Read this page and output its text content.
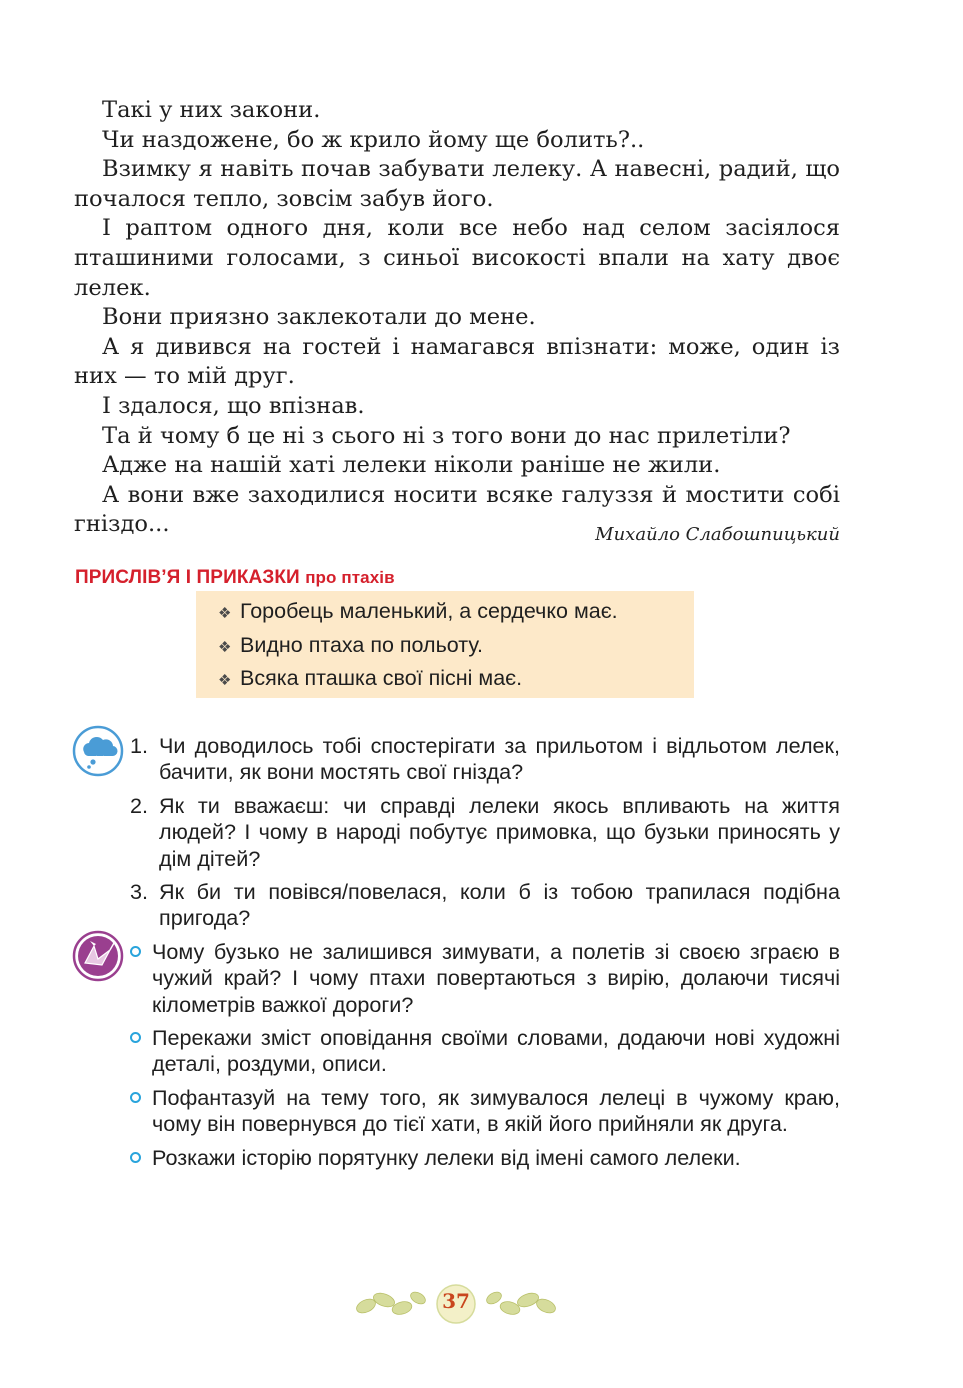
Такі у них закони.

Чи наздожене, бо ж крило йому ще болить?..

Взимку я навіть почав забувати лелеку. А навесні, радий, що почалося тепло, зовсім забув його.

І раптом одного дня, коли все небо над селом засіялося пташиними голосами, з синьої високості впали на хату двоє лелек.

Вони приязно заклекотали до мене.

А я дивився на гостей і намагався впізнати: може, один із них — то мій друг.

І здалося, що впізнав.

Та й чому б це ні з сього ні з того вони до нас прилетіли?

Адже на нашій хаті лелеки ніколи раніше не жили.

А вони вже заходилися носити всяке галуззя й мостити собі гніздо...	Михайло Слабошпицький
ПРИСЛІВ’Я І ПРИКАЗКИ про птахів
❖ Горобець маленький, а сердечко має.
❖ Видно птаха по польоту.
❖ Всяка пташка свої пісні має.
1. Чи доводилось тобі спостерігати за прильотом і відльотом лелек, бачити, як вони мостять свої гнізда?
2. Як ти вважаєш: чи справді лелеки якось впливають на життя людей? І чому в народі побутує примовка, що бузьки приносять у дім дітей?
3. Як би ти повівся/повелася, коли б із тобою трапилася подібна пригода?
Чому бузько не залишився зимувати, а полетів зі своєю зграєю в чужий край? І чому птахи повертаються з вирію, долаючи тисячі кілометрів важкої дороги?
Перекажи зміст оповідання своїми словами, додаючи нові художні деталі, роздуми, описи.
Пофантазуй на тему того, як зимувалося лелеці в чужому краю, чому він повернувся до тієї хати, в якій його прийняли як друга.
Розкажи історію порятунку лелеки від імені самого лелеки.
37
